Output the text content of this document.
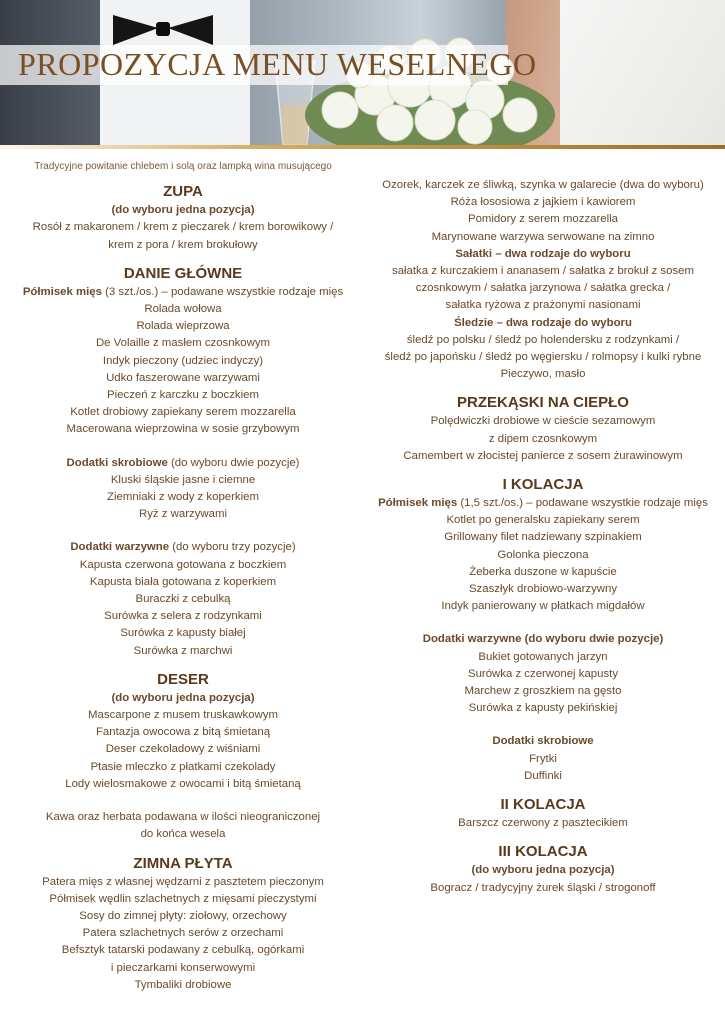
PROPOZYCJA MENU WESELNEGO
Tradycyjne powitanie chlebem i solą oraz lampką wina musującego
ZUPA
(do wyboru jedna pozycja)
Rosół z makaronem / krem z pieczarek / krem borowikowy /
krem z pora / krem brokułowy
DANIE GŁÓWNE
Półmisek mięs (3 szt./os.) – podawane wszystkie rodzaje mięs
Rolada wołowa
Rolada wieprzowa
De Volaille z masłem czosnkowym
Indyk pieczony (udziec indyczy)
Udko faszerowane warzywami
Pieczeń z karczku z boczkiem
Kotlet drobiowy zapiekany serem mozzarella
Macerowana wieprzowina w sosie grzybowym
Dodatki skrobiowe (do wyboru dwie pozycje)
Kluski śląskie jasne i ciemne
Ziemniaki z wody z koperkiem
Ryż z warzywami
Dodatki warzywne (do wyboru trzy pozycje)
Kapusta czerwona gotowana z boczkiem
Kapusta biała gotowana z koperkiem
Buraczki z cebulką
Surówka z selera z rodzynkami
Surówka z kapusty białej
Surówka z marchwi
DESER
(do wyboru jedna pozycja)
Mascarpone z musem truskawkowym
Fantazja owocowa z bitą śmietaną
Deser czekoladowy z wiśniami
Ptasie mleczko z płatkami czekolady
Lody wielosmakowe z owocami i bitą śmietaną
Kawa oraz herbata podawana w ilości nieograniczonej
do końca wesela
ZIMNA PŁYTA
Patera mięs z własnej wędzarni z pasztetem pieczonym
Półmisek wędlin szlachetnych z mięsami pieczystymi
Sosy do zimnej płyty: ziołowy, orzechowy
Patera szlachetnych serów z orzechami
Befsztyk tatarski podawany z cebulką, ogórkami
i pieczarkami konserwowymi
Tymbaliki drobiowe
Ozorek, karczek ze śliwką, szynka w galarecie (dwa do wyboru)
Róża łososiowa z jajkiem i kawiorem
Pomidory z serem mozzarella
Marynowane warzywa serwowane na zimno
Sałatki – dwa rodzaje do wyboru
sałatka z kurczakiem i ananasem / sałatka z brokuł z sosem
czosnkowym / sałatka jarzynowa / sałatka grecka /
sałatka ryżowa z prażonymi nasionami
Śledzie – dwa rodzaje do wyboru
śledź po polsku / śledź po holendersku z rodzynkami /
śledź po japońsku / śledź po węgiersku / rolmopsy i kulki rybne
Pieczywo, masło
PRZEKĄSKI NA CIEPŁO
Polędwiczki drobiowe w cieście sezamowym
z dipem czosnkowym
Camembert w złocistej panierce z sosem żurawinowym
I KOLACJA
Półmisek mięs (1,5 szt./os.) – podawane wszystkie rodzaje mięs
Kotlet po generalsku zapiekany serem
Grillowany filet nadziewany szpinakiem
Golonka pieczona
Żeberka duszone w kapuście
Szaszłyk drobiowo-warzywny
Indyk panierowany w płatkach migdałów
Dodatki warzywne (do wyboru dwie pozycje)
Bukiet gotowanych jarzyn
Surówka z czerwonej kapusty
Marchew z groszkiem na gęsto
Surówka z kapusty pekińskiej
Dodatki skrobiowe
Frytki
Duffinki
II KOLACJA
Barszcz czerwony z pasztecikiem
III KOLACJA
(do wyboru jedna pozycja)
Bogracz / tradycyjny żurek śląski / strogonoff
